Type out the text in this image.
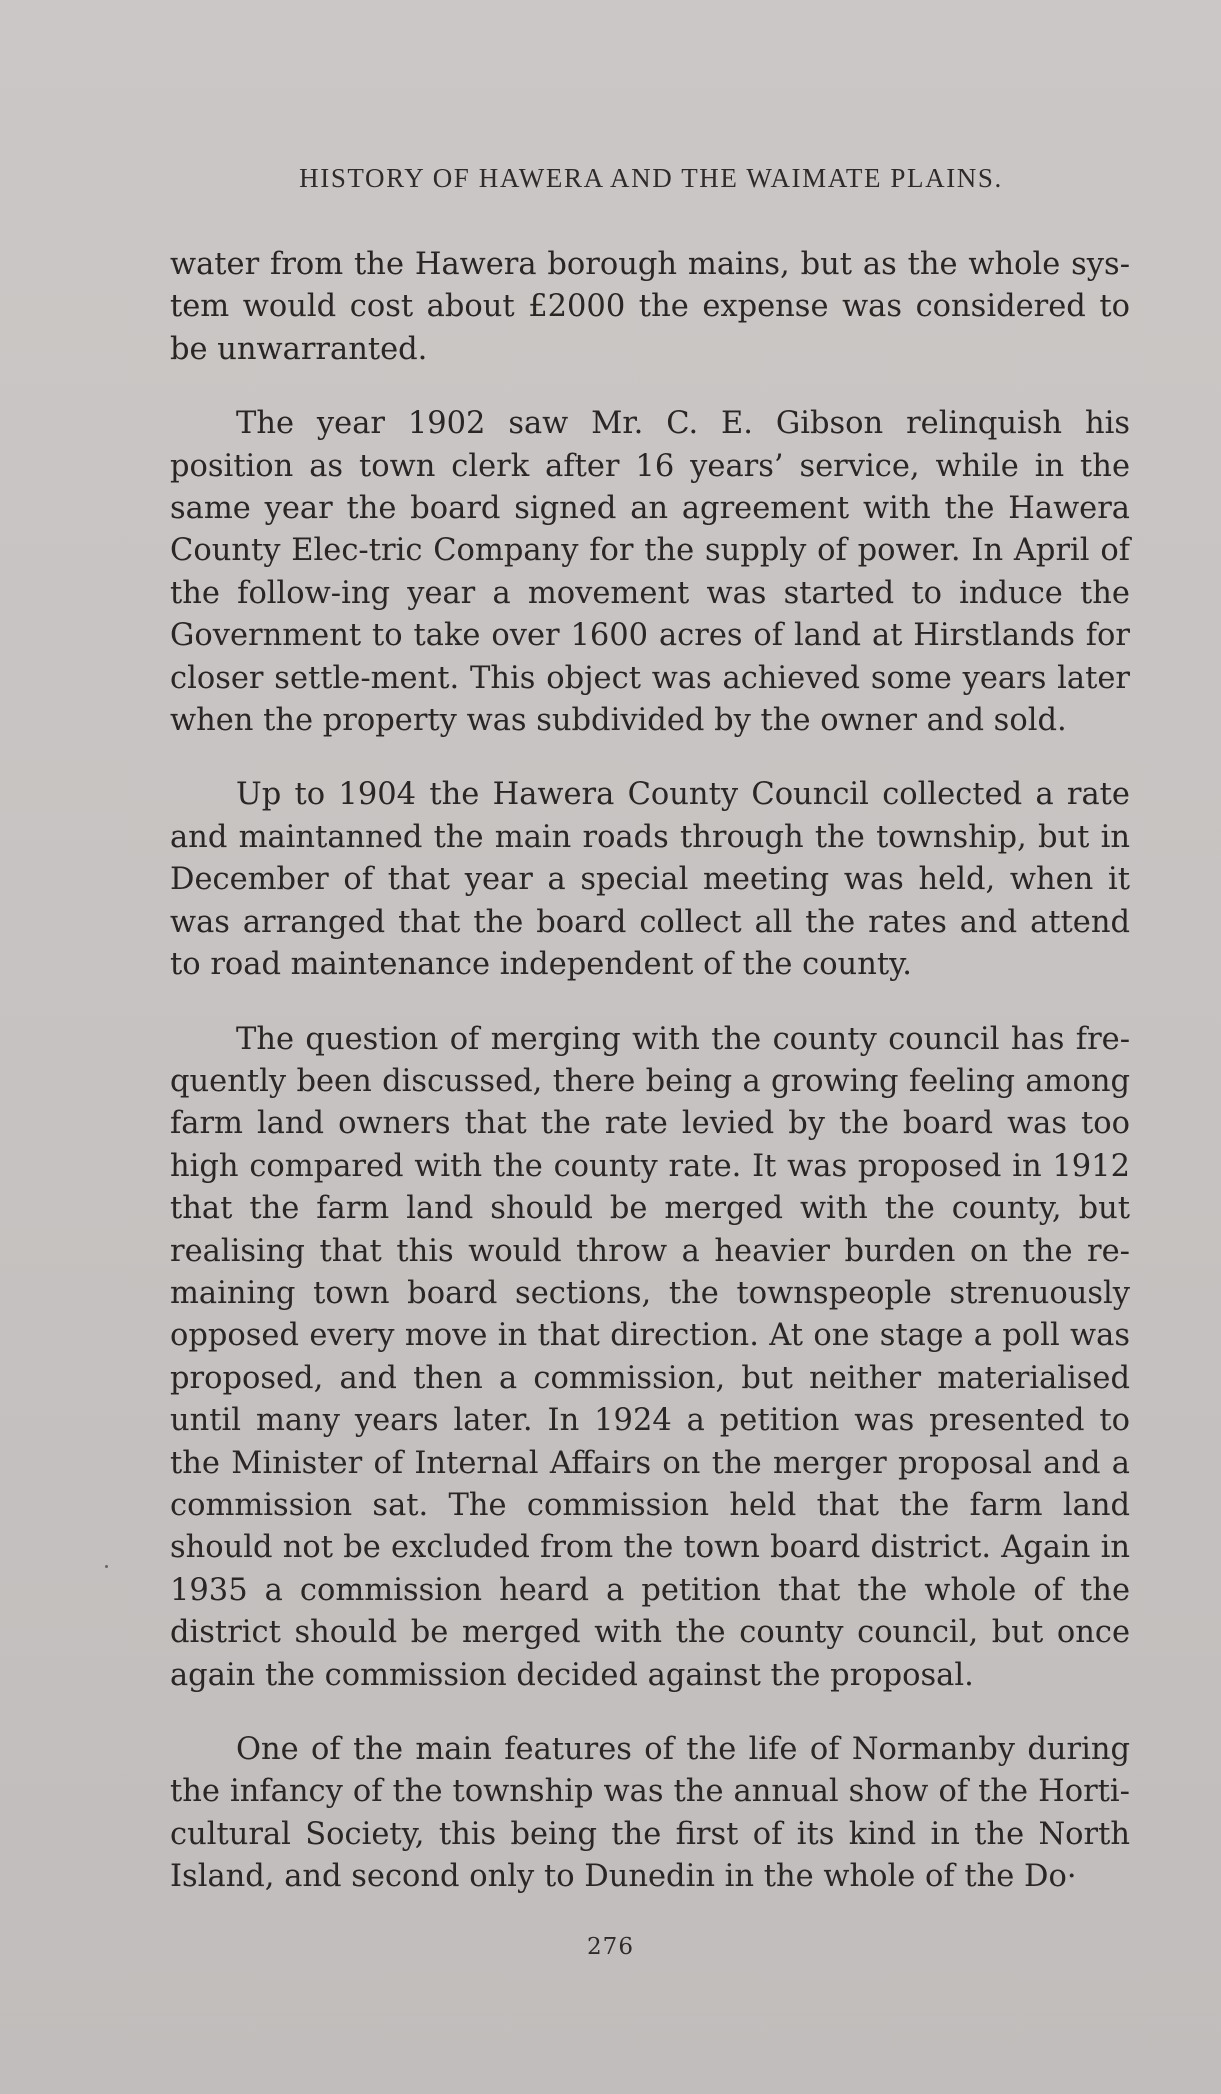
HISTORY OF HAWERA AND THE WAIMATE PLAINS.

water from the Hawera borough mains, but as the whole sys-tem would cost about £2000 the expense was considered to be unwarranted.

The year 1902 saw Mr. C. E. Gibson relinquish his position as town clerk after 16 years’ service, while in the same year the board signed an agreement with the Hawera County Elec-tric Company for the supply of power. In April of the follow-ing year a movement was started to induce the Government to take over 1600 acres of land at Hirstlands for closer settle-ment. This object was achieved some years later when the property was subdivided by the owner and sold.

Up to 1904 the Hawera County Council collected a rate and maintanned the main roads through the township, but in December of that year a special meeting was held, when it was arranged that the board collect all the rates and attend to road maintenance independent of the county.

The question of merging with the county council has fre-quently been discussed, there being a growing feeling among farm land owners that the rate levied by the board was too high compared with the county rate. It was proposed in 1912 that the farm land should be merged with the county, but realising that this would throw a heavier burden on the re-maining town board sections, the townspeople strenuously opposed every move in that direction. At one stage a poll was proposed, and then a commission, but neither materialised until many years later. In 1924 a petition was presented to the Minister of Internal Affairs on the merger proposal and a commission sat. The commission held that the farm land should not be excluded from the town board district. Again in 1935 a commission heard a petition that the whole of the district should be merged with the county council, but once again the commission decided against the proposal.

One of the main features of the life of Normanby during the infancy of the township was the annual show of the Horti-cultural Society, this being the first of its kind in the North Island, and second only to Dunedin in the whole of the Do·

276
